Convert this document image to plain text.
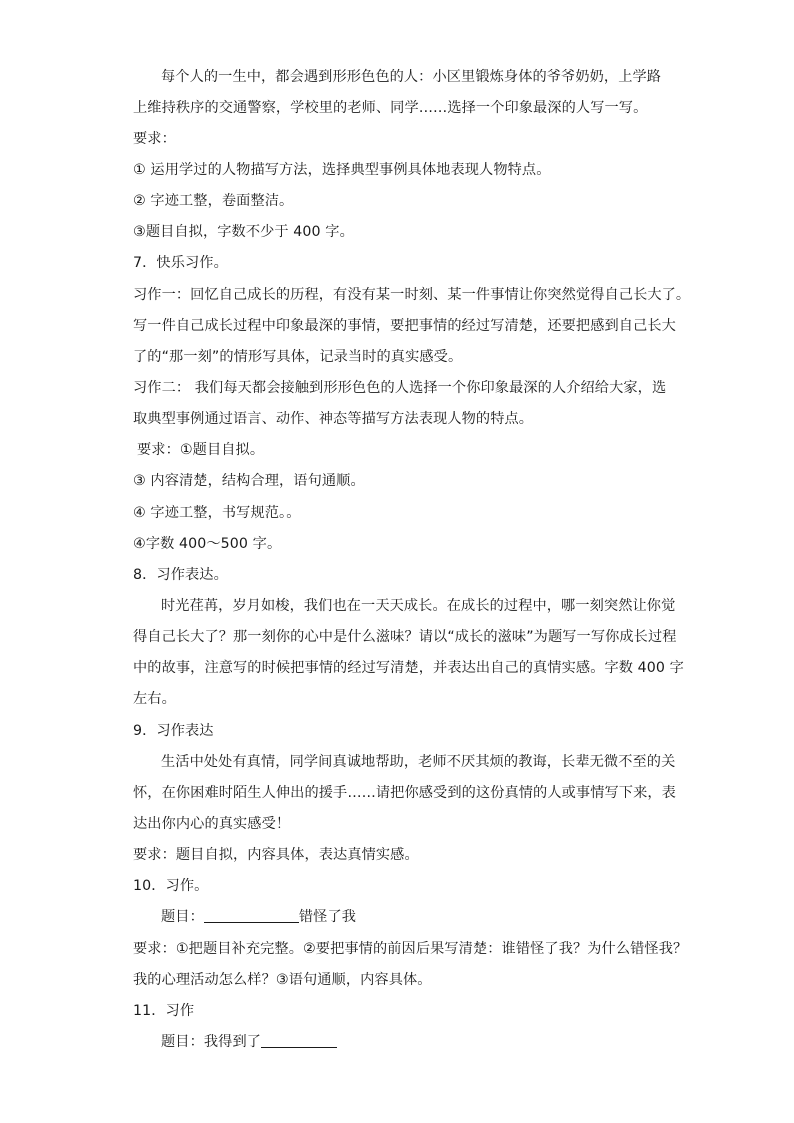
每个人的一生中，都会遇到形形色色的人：小区里锻炼身体的爷爷奶奶，上学路
上维持秩序的交通警察，学校里的老师、同学……选择一个印象最深的人写一写。
要求：
① 运用学过的人物描写方法，选择典型事例具体地表现人物特点。
② 字迹工整，卷面整洁。
③题目自拟，字数不少于 400 字。
7．快乐习作。
习作一：回忆自己成长的历程，有没有某一时刻、某一件事情让你突然觉得自己长大了。
写一件自己成长过程中印象最深的事情，要把事情的经过写清楚，还要把感到自己长大
了的“那一刻”的情形写具体，记录当时的真实感受。
习作二： 我们每天都会接触到形形色色的人选择一个你印象最深的人介绍给大家，选
取典型事例通过语言、动作、神态等描写方法表现人物的特点。
要求：①题目自拟。
③ 内容清楚，结构合理，语句通顺。
④ 字迹工整，书写规范。。
④字数 400～500 字。
8．习作表达。
时光荏苒，岁月如梭，我们也在一天天成长。在成长的过程中，哪一刻突然让你觉
得自己长大了？那一刻你的心中是什么滋味？请以“成长的滋味”为题写一写你成长过程
中的故事，注意写的时候把事情的经过写清楚，并表达出自己的真情实感。字数 400 字
左右。
9．习作表达
生活中处处有真情，同学间真诚地帮助，老师不厌其烦的教诲，长辈无微不至的关
怀，在你困难时陌生人伸出的援手……请把你感受到的这份真情的人或事情写下来，表
达出你内心的真实感受！
要求：题目自拟，内容具体，表达真情实感。
10．习作。
题目：	错怪了我
要求：①把题目补充完整。②要把事情的前因后果写清楚：谁错怪了我？为什么错怪我？
我的心理活动怎么样？③语句通顺，内容具体。
11．习作
题目：我得到了
